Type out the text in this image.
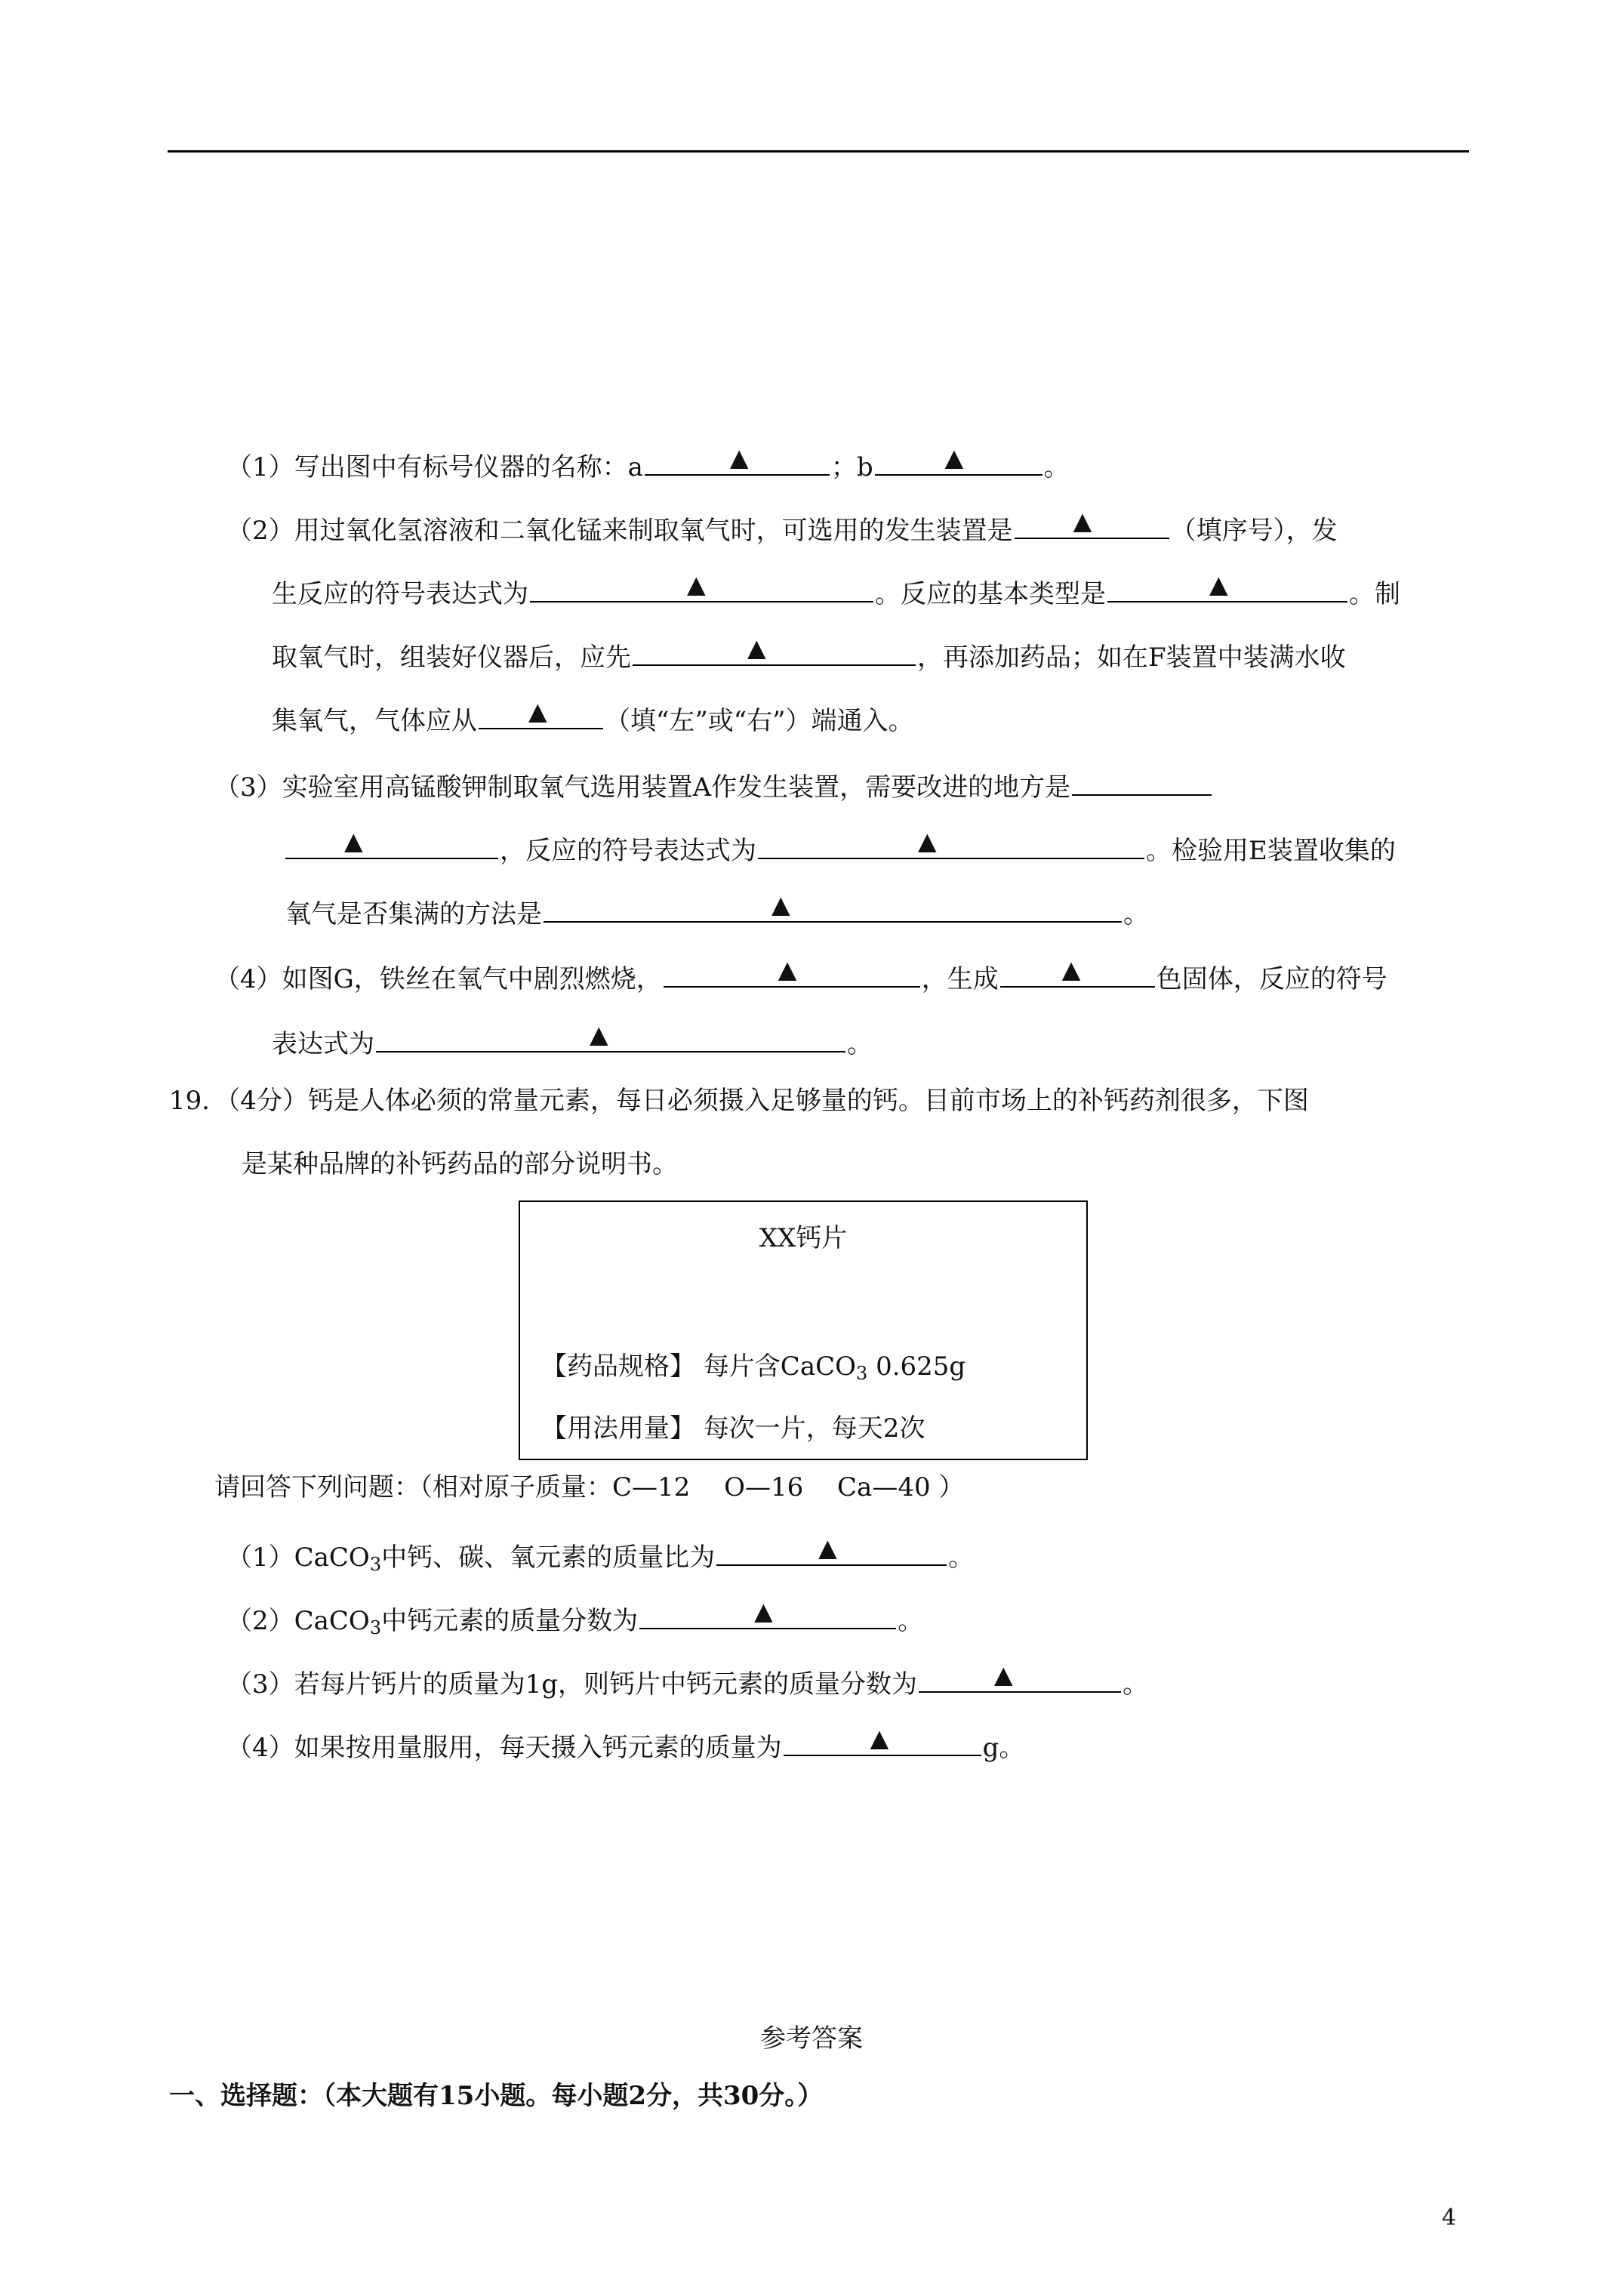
（1）写出图中有标号仪器的名称：a	▲	；b	▲	。
（2）用过氧化氢溶液和二氧化锰来制取氧气时，可选用的发生装置是	▲	（填序号），发
生反应的符号表达式为	▲	。反应的基本类型是	▲	。制
取氧气时，组装好仪器后，应先	▲	，再添加药品；如在F装置中装满水收
集氧气，气体应从 ▲ （填“左”或“右”）端通入。
（3）实验室用高锰酸钾制取氧气选用装置A作发生装置，需要改进的地方是
▲	，反应的符号表达式为	▲	。检验用E装置收集的
氧气是否集满的方法是	▲	。
（4）如图G，铁丝在氧气中剧烈燃烧，	▲	，生成	▲	色固体，反应的符号
表达式为	▲	。
19．（4分）钙是人体必须的常量元素，每日必须摄入足够量的钙。目前市场上的补钙药剂很多，下图
是某种品牌的补钙药品的部分说明书。
XX钙片
【药品规格】 每片含CaCO$_3$ 0.625g
【用法用量】 每次一片，每天2次
请回答下列问题：（相对原子质量：C—12　 O—16　 Ca—40 ）
（1）CaCO$_3$中钙、碳、氧元素的质量比为	▲	。
（2）CaCO$_3$中钙元素的质量分数为	▲	。
（3）若每片钙片的质量为1g，则钙片中钙元素的质量分数为	▲	。
（4）如果按用量服用，每天摄入钙元素的质量为	▲	g。
参考答案
一、选择题：（本大题有15小题。每小题2分，共30分。）
4
